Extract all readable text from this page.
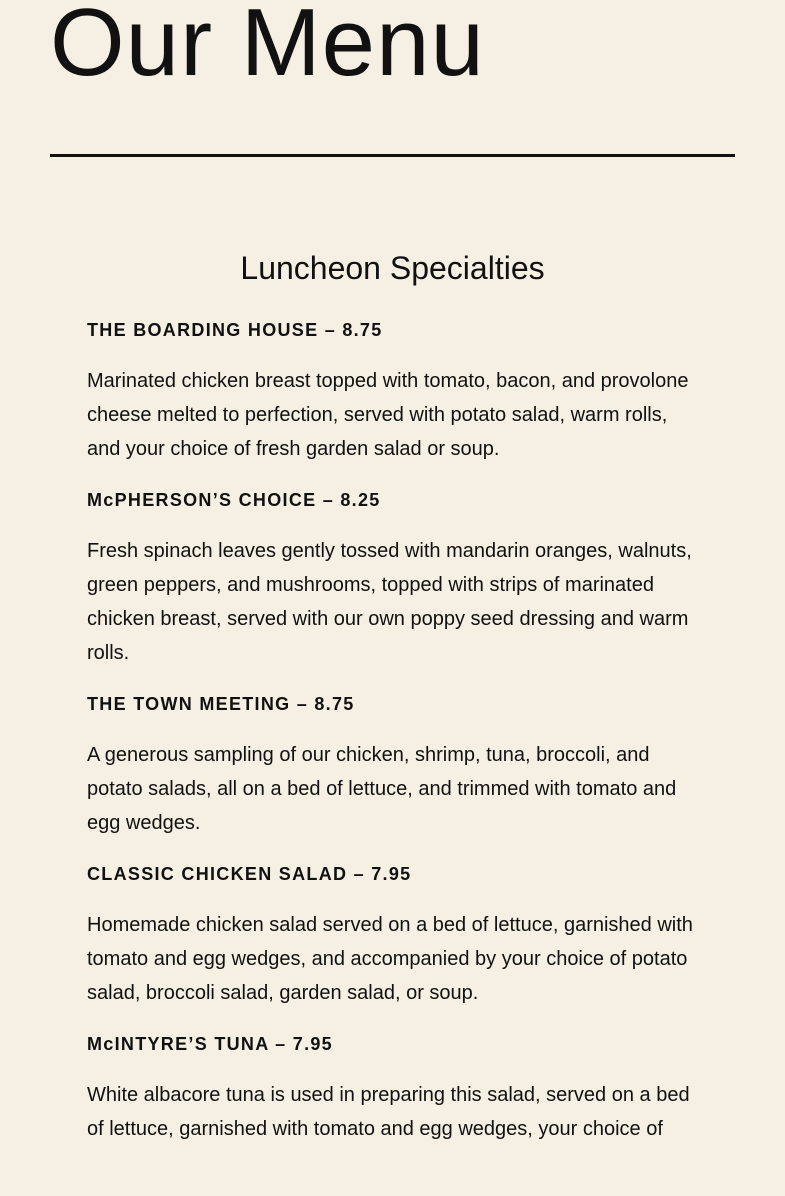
Our Menu
Luncheon Specialties

THE BOARDING HOUSE – 8.75

Marinated chicken breast topped with tomato, bacon, and provolone cheese melted to perfection, served with potato salad, warm rolls, and your choice of fresh garden salad or soup.

McPHERSON’S CHOICE – 8.25

Fresh spinach leaves gently tossed with mandarin oranges, walnuts, green peppers, and mushrooms, topped with strips of marinated chicken breast, served with our own poppy seed dressing and warm rolls.

THE TOWN MEETING – 8.75

A generous sampling of our chicken, shrimp, tuna, broccoli, and potato salads, all on a bed of lettuce, and trimmed with tomato and egg wedges.

CLASSIC CHICKEN SALAD – 7.95

Homemade chicken salad served on a bed of lettuce, garnished with tomato and egg wedges, and accompanied by your choice of potato salad, broccoli salad, garden salad, or soup.

McINTYRE’S TUNA – 7.95

White albacore tuna is used in preparing this salad, served on a bed of lettuce, garnished with tomato and egg wedges, your choice of
